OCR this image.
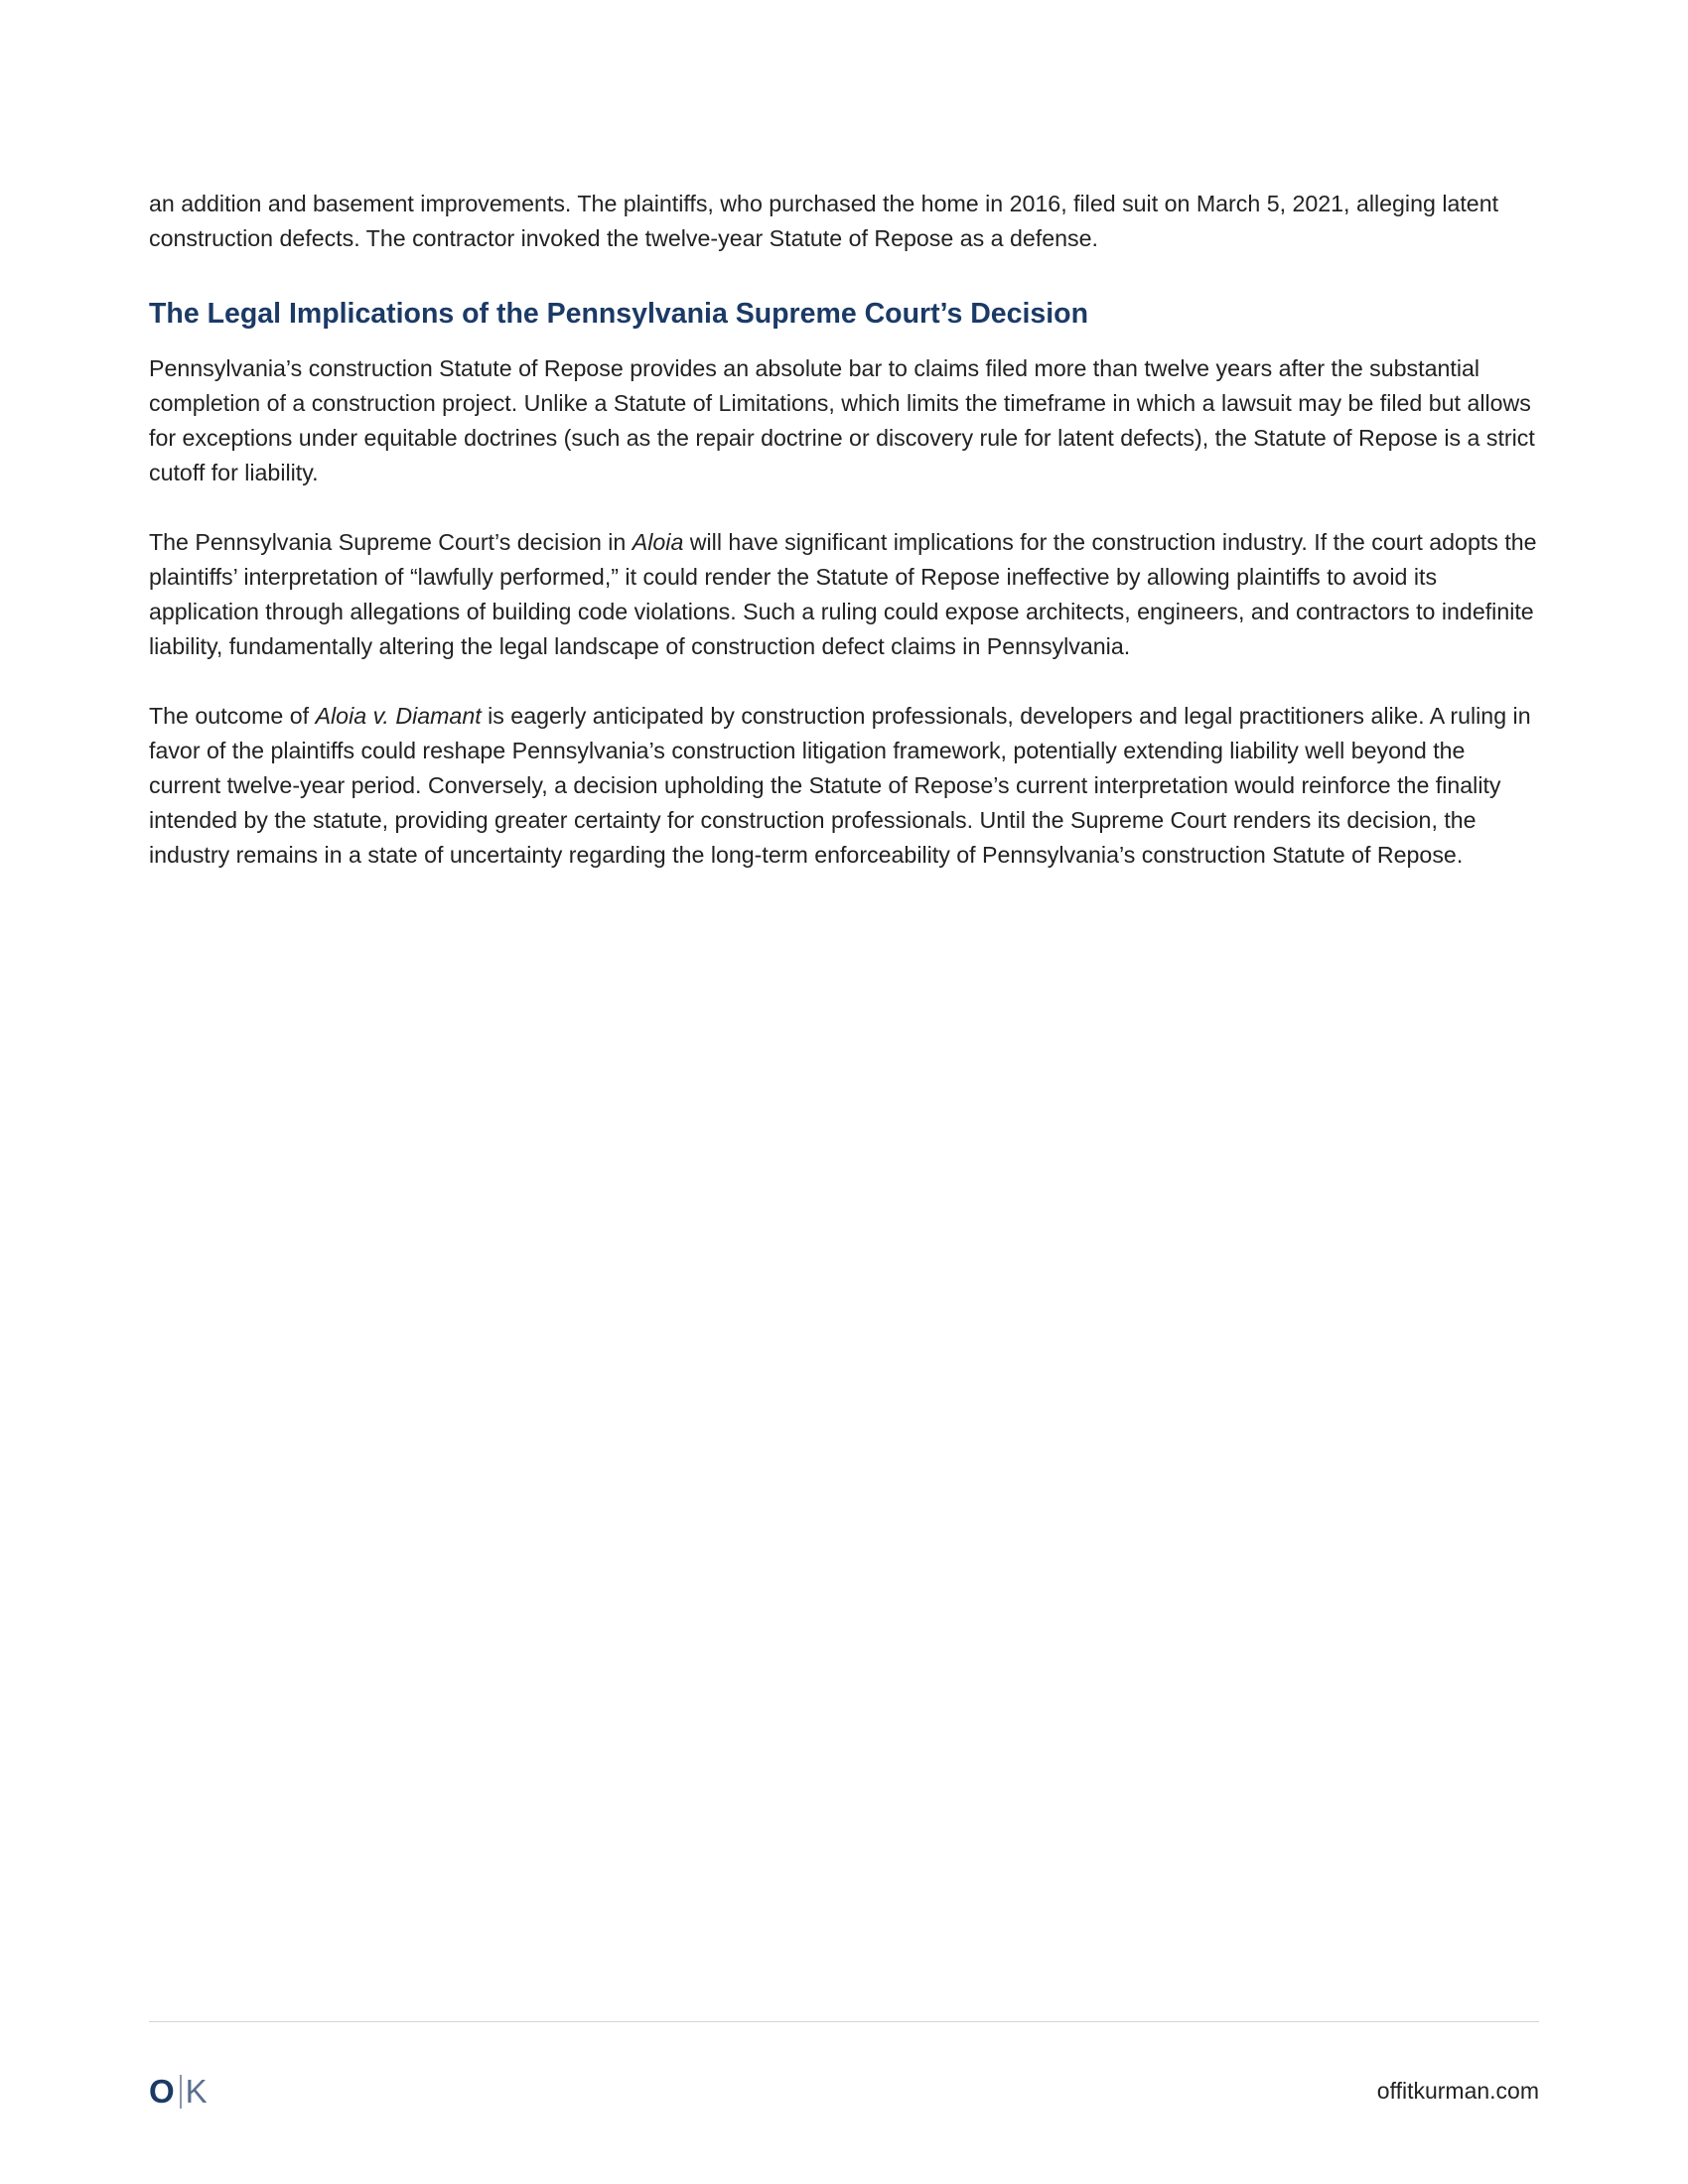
an addition and basement improvements. The plaintiffs, who purchased the home in 2016, filed suit on March 5, 2021, alleging latent construction defects. The contractor invoked the twelve-year Statute of Repose as a defense.

The Legal Implications of the Pennsylvania Supreme Court’s Decision

Pennsylvania’s construction Statute of Repose provides an absolute bar to claims filed more than twelve years after the substantial completion of a construction project. Unlike a Statute of Limitations, which limits the timeframe in which a lawsuit may be filed but allows for exceptions under equitable doctrines (such as the repair doctrine or discovery rule for latent defects), the Statute of Repose is a strict cutoff for liability.

The Pennsylvania Supreme Court’s decision in Aloia will have significant implications for the construction industry. If the court adopts the plaintiffs’ interpretation of “lawfully performed,” it could render the Statute of Repose ineffective by allowing plaintiffs to avoid its application through allegations of building code violations. Such a ruling could expose architects, engineers, and contractors to indefinite liability, fundamentally altering the legal landscape of construction defect claims in Pennsylvania.

The outcome of Aloia v. Diamant is eagerly anticipated by construction professionals, developers and legal practitioners alike. A ruling in favor of the plaintiffs could reshape Pennsylvania’s construction litigation framework, potentially extending liability well beyond the current twelve-year period. Conversely, a decision upholding the Statute of Repose’s current interpretation would reinforce the finality intended by the statute, providing greater certainty for construction professionals. Until the Supreme Court renders its decision, the industry remains in a state of uncertainty regarding the long-term enforceability of Pennsylvania’s construction Statute of Repose.

O K	offitkurman.com
